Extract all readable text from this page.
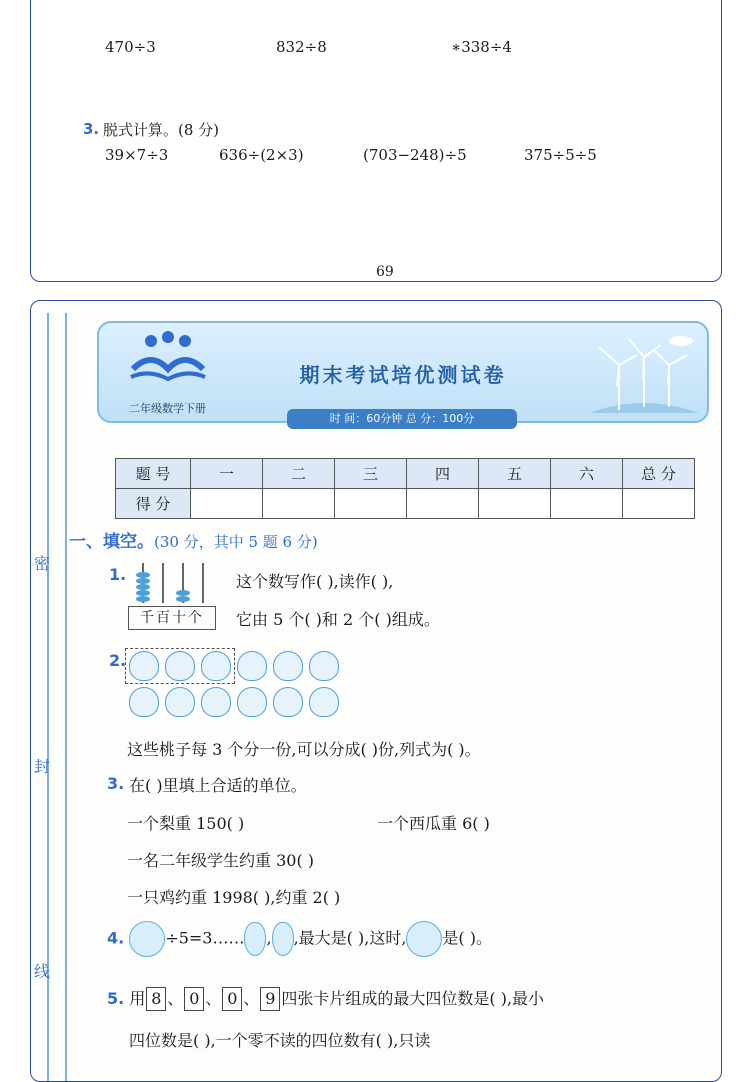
470÷3	832÷8	∗338÷4
3. 脱式计算。(8 分)
39×7÷3	636÷(2×3)	(703−248)÷5	375÷5÷5
69
密
封
线
二年级数学下册
期末考试培优测试卷
时 间：60分钟 总 分：100分
题 号	一	二	三	四	五	六	总 分
得 分							
一、填空。(30 分，其中 5 题 6 分)
1.
千百十个
这个数写作( ),读作( ),
它由 5 个( )和 2 个( )组成。
2.
这些桃子每 3 个分一份,可以分成( )份,列式为( )。
3. 在( )里填上合适的单位。
一个梨重 150( )	一个西瓜重 6( )
一名二年级学生约重 30( )
一只鸡约重 1998( ),约重 2( )
4.	÷5=3…… , ,最大是( ),这时, 是( )。
5. 用 8 、 0 、 0 、 9 四张卡片组成的最大四位数是( ),最小
四位数是( ),一个零不读的四位数有( ),只读
